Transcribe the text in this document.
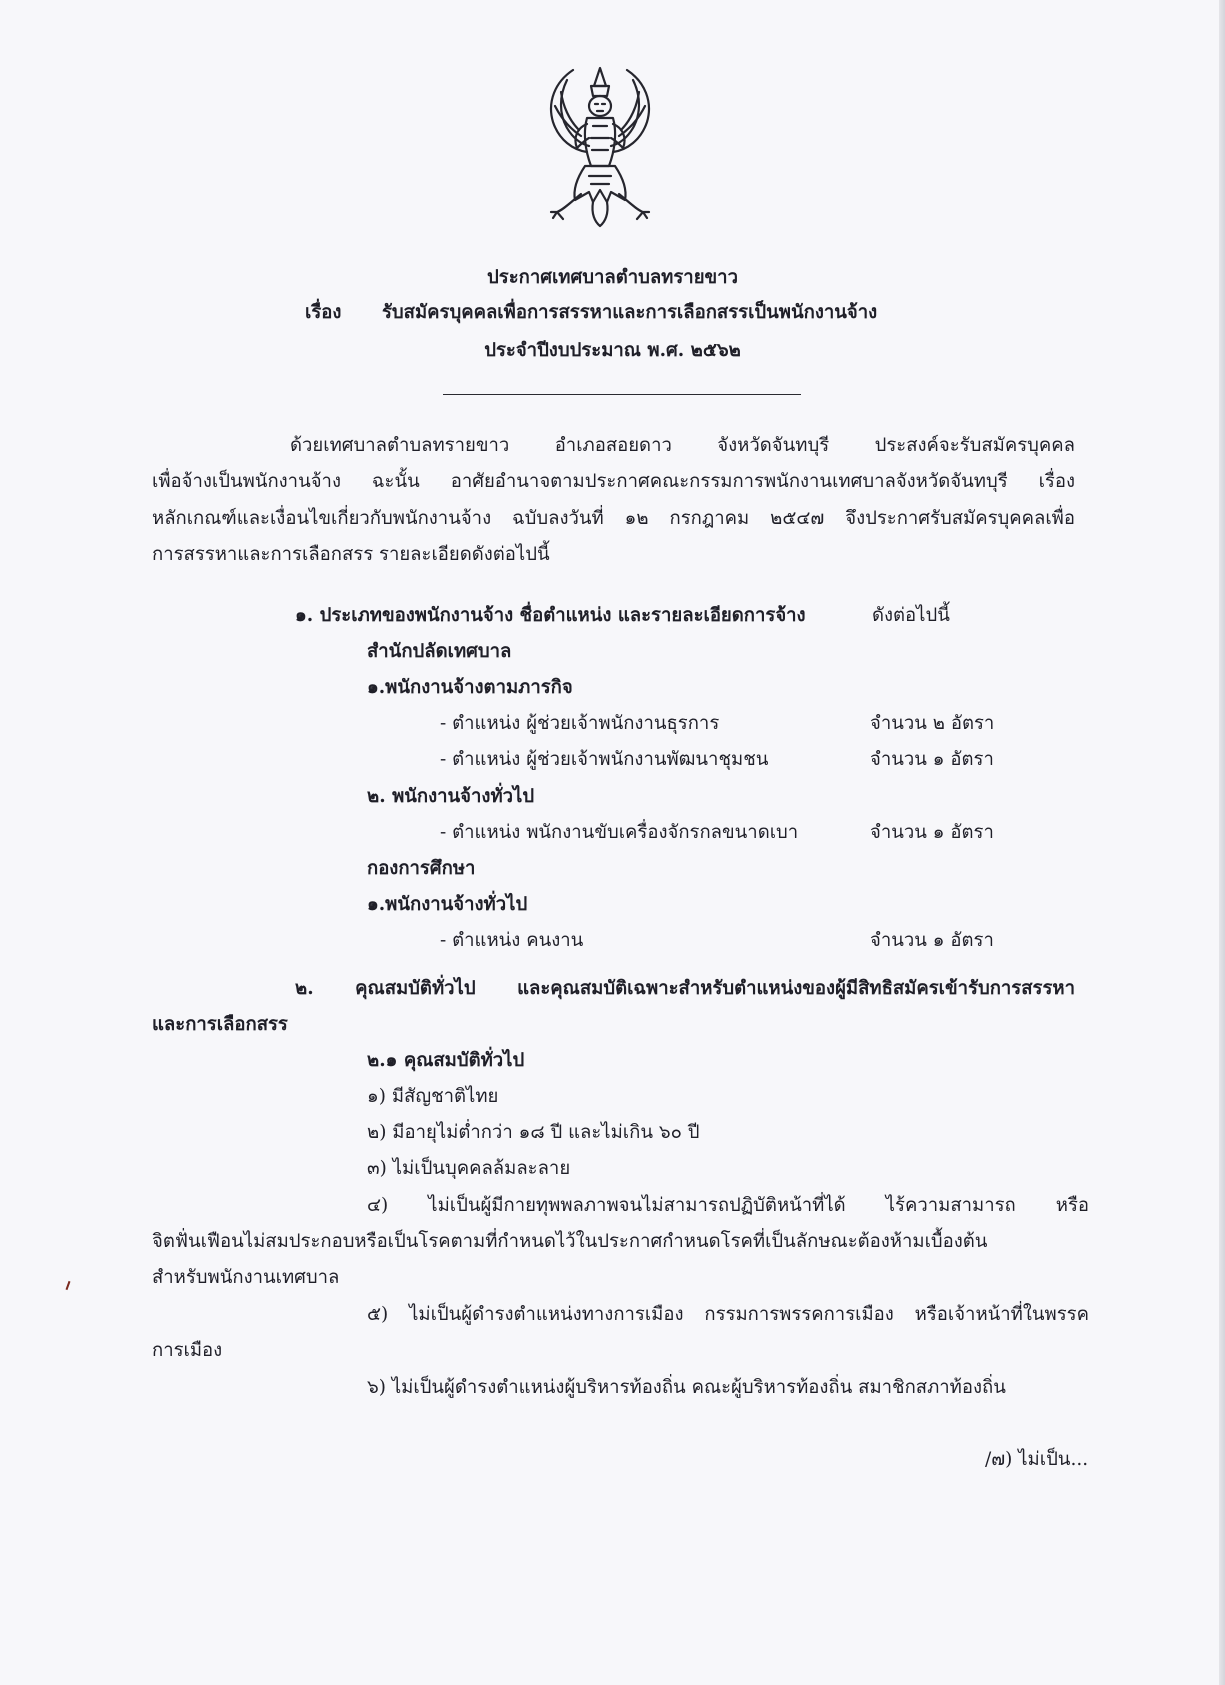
ประกาศเทศบาลตำบลทรายขาว
เรื่อง รับสมัครบุคคลเพื่อการสรรหาและการเลือกสรรเป็นพนักงานจ้าง
ประจำปีงบประมาณ พ.ศ. ๒๕๖๒
ด้วยเทศบาลตำบลทรายขาว อำเภอสอยดาว จังหวัดจันทบุรี ประสงค์จะรับสมัครบุคคล
เพื่อจ้างเป็นพนักงานจ้าง ฉะนั้น อาศัยอำนาจตามประกาศคณะกรรมการพนักงานเทศบาลจังหวัดจันทบุรี เรื่อง
หลักเกณฑ์และเงื่อนไขเกี่ยวกับพนักงานจ้าง ฉบับลงวันที่ ๑๒ กรกฎาคม ๒๕๔๗ จึงประกาศรับสมัครบุคคลเพื่อ
การสรรหาและการเลือกสรร รายละเอียดดังต่อไปนี้
๑. ประเภทของพนักงานจ้าง ชื่อตำแหน่ง และรายละเอียดการจ้าง	ดังต่อไปนี้
สำนักปลัดเทศบาล
๑.พนักงานจ้างตามภารกิจ
- ตำแหน่ง ผู้ช่วยเจ้าพนักงานธุรการ	จำนวน ๒ อัตรา
- ตำแหน่ง ผู้ช่วยเจ้าพนักงานพัฒนาชุมชน	จำนวน ๑ อัตรา
๒. พนักงานจ้างทั่วไป
- ตำแหน่ง พนักงานขับเครื่องจักรกลขนาดเบา	จำนวน ๑ อัตรา
กองการศึกษา
๑.พนักงานจ้างทั่วไป
- ตำแหน่ง คนงาน	จำนวน ๑ อัตรา
๒. คุณสมบัติทั่วไป และคุณสมบัติเฉพาะสำหรับตำแหน่งของผู้มีสิทธิสมัครเข้ารับการสรรหา
และการเลือกสรร
๒.๑ คุณสมบัติทั่วไป
๑) มีสัญชาติไทย
๒) มีอายุไม่ต่ำกว่า ๑๘ ปี และไม่เกิน ๖๐ ปี
๓) ไม่เป็นบุคคลล้มละลาย
๔) ไม่เป็นผู้มีกายทุพพลภาพจนไม่สามารถปฏิบัติหน้าที่ได้ ไร้ความสามารถ หรือ
จิตฟั่นเฟือนไม่สมประกอบหรือเป็นโรคตามที่กำหนดไว้ในประกาศกำหนดโรคที่เป็นลักษณะต้องห้ามเบื้องต้น
สำหรับพนักงานเทศบาล
๕) ไม่เป็นผู้ดำรงตำแหน่งทางการเมือง กรรมการพรรคการเมือง หรือเจ้าหน้าที่ในพรรค
การเมือง
๖) ไม่เป็นผู้ดำรงตำแหน่งผู้บริหารท้องถิ่น คณะผู้บริหารท้องถิ่น สมาชิกสภาท้องถิ่น
/๗) ไม่เป็น...
